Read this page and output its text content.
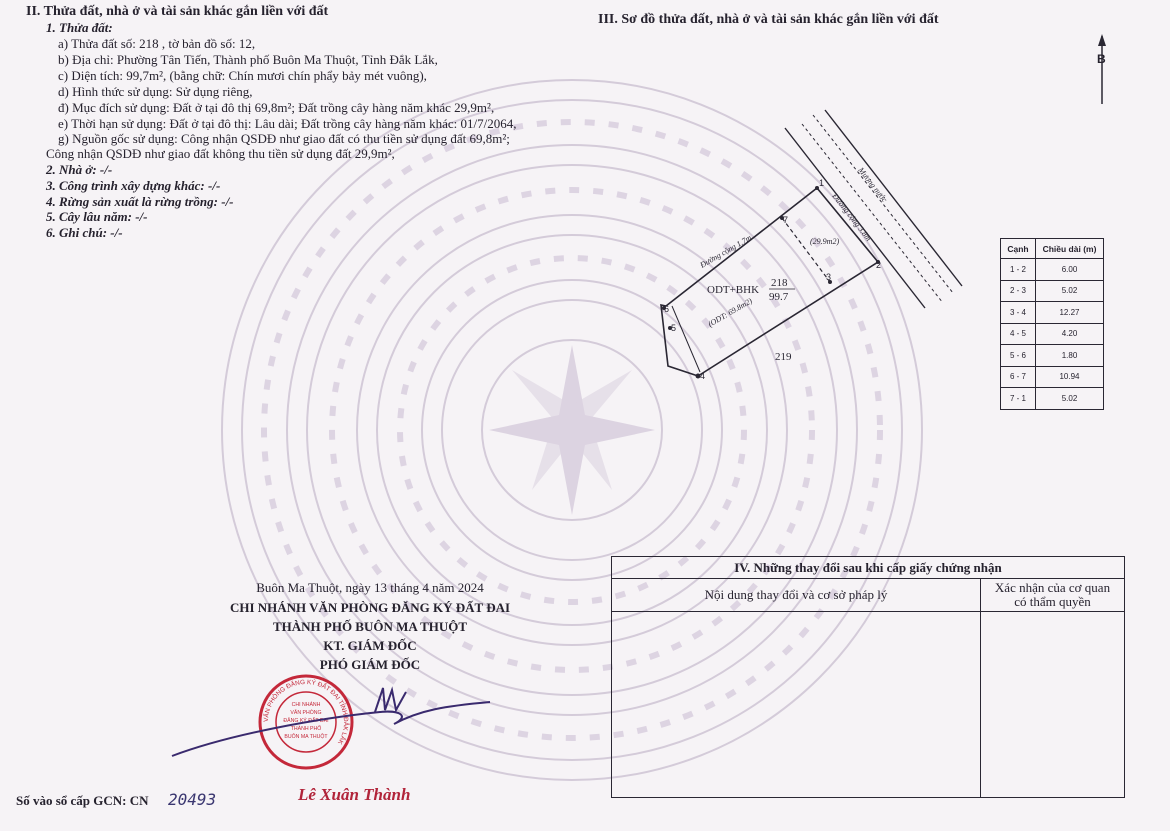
II. Thửa đất, nhà ở và tài sản khác gắn liền với đất
1. Thửa đất:
a) Thửa đất số: 218 , tờ bản đồ số: 12,
b) Địa chỉ: Phường Tân Tiến, Thành phố Buôn Ma Thuột, Tỉnh Đắk Lắk,
c) Diện tích: 99,7m², (bằng chữ: Chín mươi chín phẩy bảy mét vuông),
d) Hình thức sử dụng: Sử dụng riêng,
đ) Mục đích sử dụng: Đất ở tại đô thị 69,8m²; Đất trồng cây hàng năm khác 29,9m²,
e) Thời hạn sử dụng: Đất ở tại đô thị: Lâu dài; Đất trồng cây hàng năm khác: 01/7/2064,
g) Nguồn gốc sử dụng: Công nhận QSDĐ như giao đất có thu tiền sử dụng đất 69,8m²;
Công nhận QSDĐ như giao đất không thu tiền sử dụng đất 29,9m²,
2. Nhà ở: -/-
3. Công trình xây dựng khác: -/-
4. Rừng sản xuất là rừng trồng: -/-
5. Cây lâu năm: -/-
6. Ghi chú: -/-
III. Sơ đồ thửa đất, nhà ở và tài sản khác gắn liền với đất
B
1
2
3
4
5
6
7
ODT+BHK
218
99.7
(29.9m2)
219
(ODT: 69.8m2)
Đường cộng 1.7m
Đường cộng 3.8m
Mương nước
Cạnh	Chiều dài (m)
1 - 2	6.00
2 - 3	5.02
3 - 4	12.27
4 - 5	4.20
5 - 6	1.80
6 - 7	10.94
7 - 1	5.02
Buôn Ma Thuột, ngày 13 tháng 4 năm 2024
CHI NHÁNH VĂN PHÒNG ĐĂNG KÝ ĐẤT ĐAI
THÀNH PHỐ BUÔN MA THUỘT
KT. GIÁM ĐỐC
PHÓ GIÁM ĐỐC
VĂN PHÒNG ĐĂNG KÝ ĐẤT ĐAI TỈNH ĐẮK LẮK
CHI NHÁNH
VĂN PHÒNG
ĐĂNG KÝ ĐẤT ĐAI
THÀNH PHỐ
BUÔN MA THUỘT
Lê Xuân Thành
Số vào sổ cấp GCN: CN 20493
IV. Những thay đổi sau khi cấp giấy chứng nhận
Nội dung thay đổi và cơ sở pháp lý	Xác nhận của cơ quan
có thẩm quyền
